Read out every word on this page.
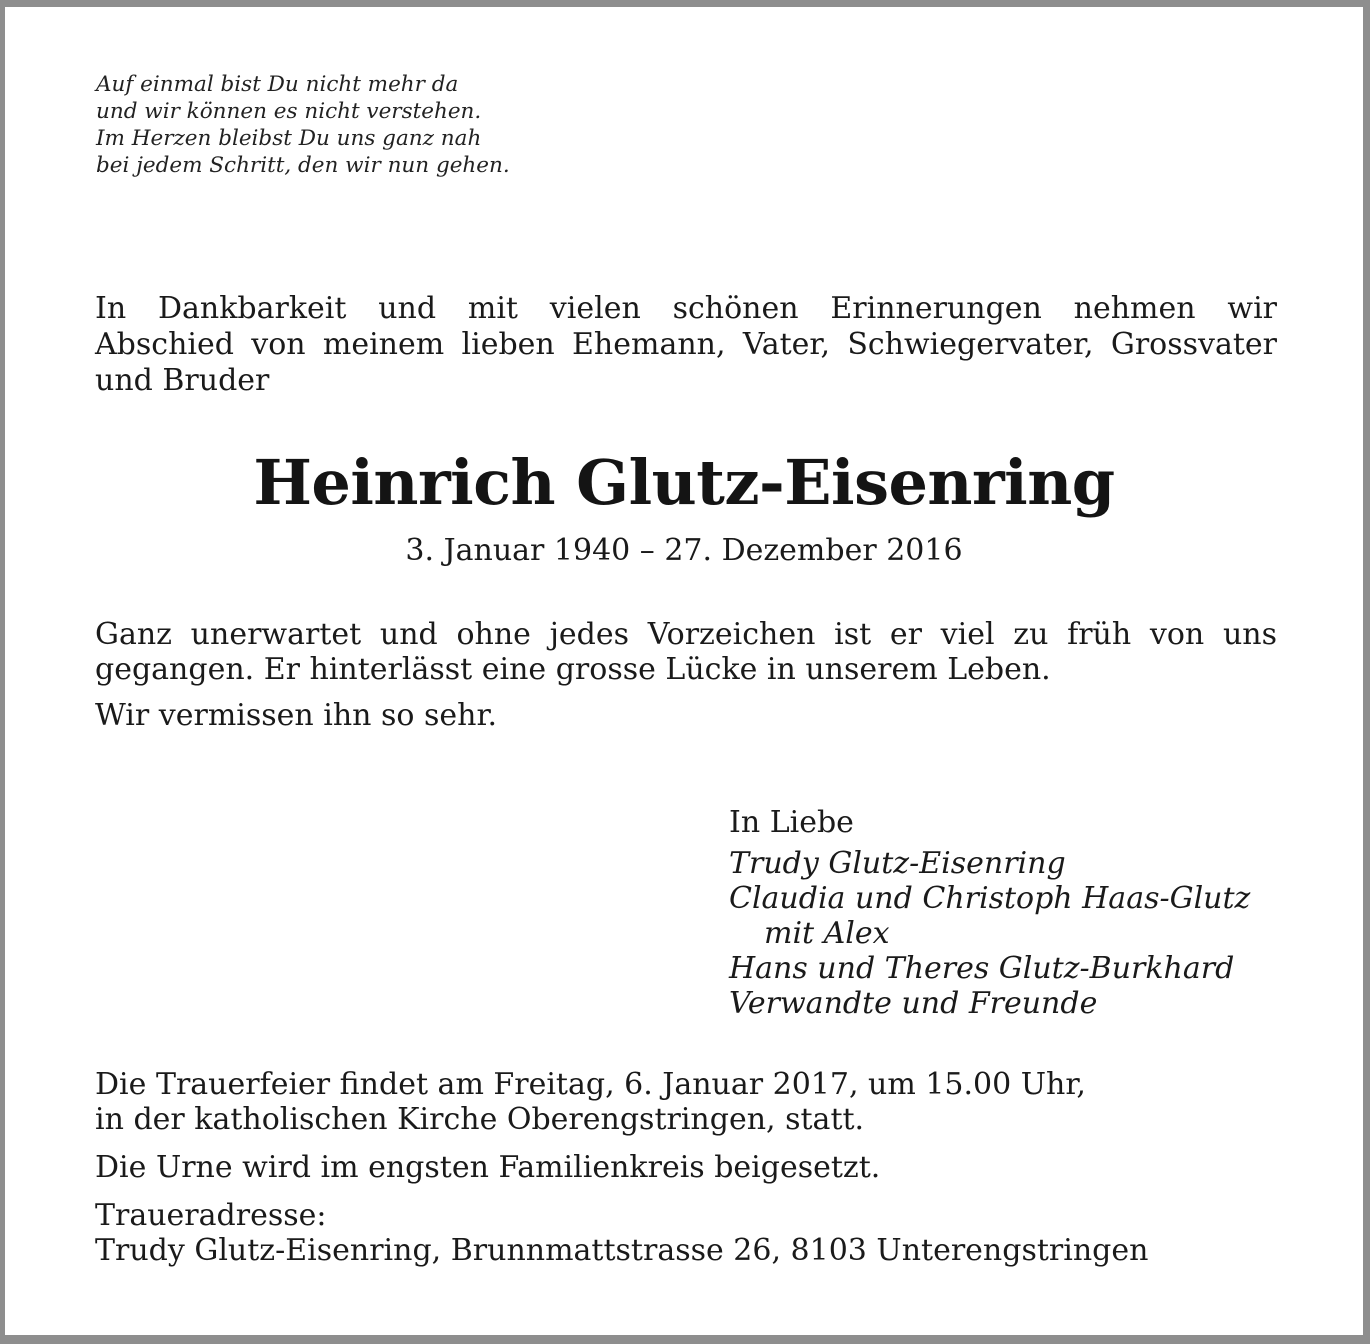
Auf einmal bist Du nicht mehr da
und wir können es nicht verstehen.
Im Herzen bleibst Du uns ganz nah
bei jedem Schritt, den wir nun gehen.
In Dankbarkeit und mit vielen schönen Erinnerungen nehmen wir
Abschied von meinem lieben Ehemann, Vater, Schwiegervater, Grossvater
und Bruder
Heinrich Glutz-Eisenring
3. Januar 1940 – 27. Dezember 2016
Ganz unerwartet und ohne jedes Vorzeichen ist er viel zu früh von uns
gegangen. Er hinterlässt eine grosse Lücke in unserem Leben.
Wir vermissen ihn so sehr.
In Liebe
Trudy Glutz-Eisenring
Claudia und Christoph Haas-Glutz
mit Alex
Hans und Theres Glutz-Burkhard
Verwandte und Freunde
Die Trauerfeier findet am Freitag, 6. Januar 2017, um 15.00 Uhr,
in der katholischen Kirche Oberengstringen, statt.
Die Urne wird im engsten Familienkreis beigesetzt.
Traueradresse:
Trudy Glutz-Eisenring, Brunnmattstrasse 26, 8103 Unterengstringen
